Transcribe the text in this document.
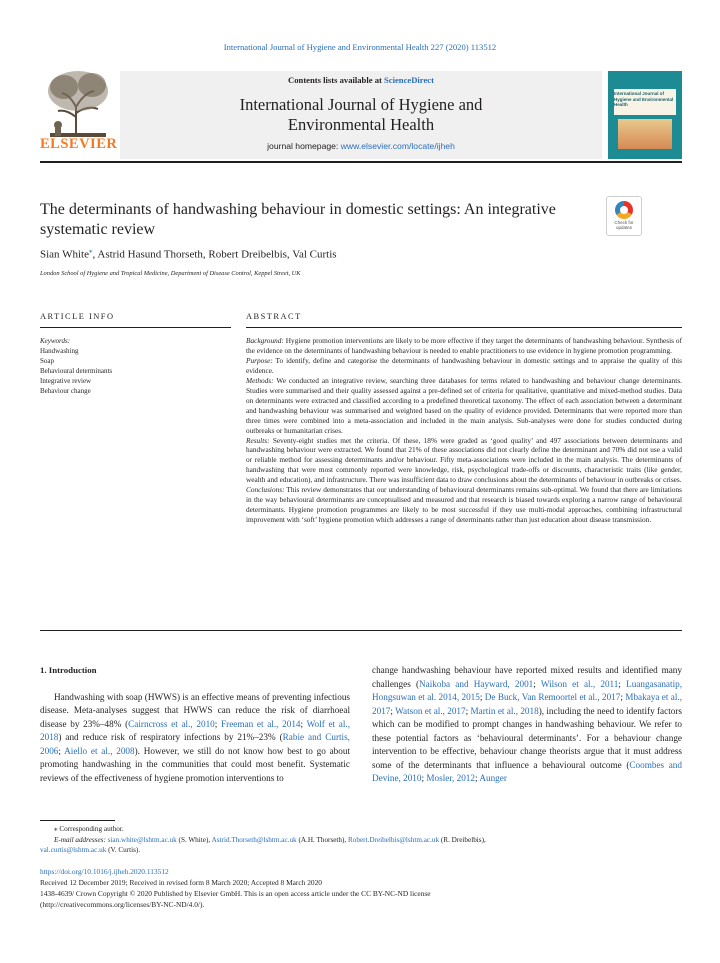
International Journal of Hygiene and Environmental Health 227 (2020) 113512
ELSEVIER
Contents lists available at ScienceDirect
International Journal of Hygiene and
Environmental Health
journal homepage: www.elsevier.com/locate/ijheh
International Journal of Hygiene and Environmental Health
The determinants of handwashing behaviour in domestic settings: An integrative systematic review	Check for updates
Sian White⁎, Astrid Hasund Thorseth, Robert Dreibelbis, Val Curtis
London School of Hygiene and Tropical Medicine, Department of Disease Control, Keppel Street, UK
ARTICLE INFO	ABSTRACT
Keywords:
Handwashing
Soap
Behavioural determinants
Integrative review
Behaviour change

Background: Hygiene promotion interventions are likely to be more effective if they target the determinants of handwashing behaviour. Synthesis of the evidence on the determinants of handwashing behaviour is needed to enable practitioners to use evidence in hygiene promotion programming.

Purpose: To identify, define and categorise the determinants of handwashing behaviour in domestic settings and to appraise the quality of this evidence.

Methods: We conducted an integrative review, searching three databases for terms related to handwashing and behaviour change determinants. Studies were summarised and their quality assessed against a pre-defined set of criteria for qualitative, quantitative and mixed-method studies. Data on determinants were extracted and classified according to a predefined theoretical taxonomy. The effect of each association between a determinant and handwashing behaviour was summarised and weighted based on the quality of evidence provided. Determinants that were reported more than three times were combined into a meta-association and included in the main analysis. Sub-analyses were done for studies conducted during outbreaks or humanitarian crises.

Results: Seventy-eight studies met the criteria. Of these, 18% were graded as ‘good quality’ and 497 associations between determinants and handwashing behaviour were extracted. We found that 21% of these associations did not clearly define the determinant and 70% did not use a valid or reliable method for assessing determinants and/or behaviour. Fifty meta-associations were included in the main analysis. The determinants of handwashing that were most commonly reported were knowledge, risk, psychological trade-offs or discounts, characteristic traits (like gender, wealth and education), and infrastructure. There was insufficient data to draw conclusions about the determinants of behaviour in outbreaks or crises.

Conclusions: This review demonstrates that our understanding of behavioural determinants remains sub-optimal. We found that there are limitations in the way behavioural determinants are conceptualised and measured and that research is biased towards exploring a narrow range of behavioural determinants. Hygiene promotion programmes are likely to be most successful if they use multi-modal approaches, combining infrastructural improvement with ‘soft’ hygiene promotion which addresses a range of determinants rather than just education about disease transmission.

1. Introduction

Handwashing with soap (HWWS) is an effective means of preventing infectious disease. Meta-analyses suggest that HWWS can reduce the risk of diarrhoeal disease by 23%–48% (Cairncross et al., 2010; Freeman et al., 2014; Wolf et al., 2018) and reduce risk of respiratory infections by 21%–23% (Rabie and Curtis, 2006; Aiello et al., 2008). However, we still do not know how best to go about promoting handwashing in the communities that could most benefit. Systematic reviews of the effectiveness of hygiene promotion interventions to

change handwashing behaviour have reported mixed results and identified many challenges (Naikoba and Hayward, 2001; Wilson et al., 2011; Luangasanatip, Hongsuwan et al. 2014, 2015; De Buck, Van Remoortel et al., 2017; Mbakaya et al., 2017; Watson et al., 2017; Martin et al., 2018), including the need to identify factors which can be modified to prompt changes in handwashing behaviour. We refer to these potential factors as ‘behavioural determinants’. For a behaviour change intervention to be effective, behaviour change theorists argue that it must address some of the determinants that influence a behavioural outcome (Coombes and Devine, 2010; Mosler, 2012; Aunger

⁎ Corresponding author.
E-mail addresses: sian.white@lshtm.ac.uk (S. White), Astrid.Thorseth@lshtm.ac.uk (A.H. Thorseth), Robert.Dreibelbis@lshtm.ac.uk (R. Dreibelbis),
val.curtis@lshtm.ac.uk (V. Curtis).
https://doi.org/10.1016/j.ijheh.2020.113512
Received 12 December 2019; Received in revised form 8 March 2020; Accepted 8 March 2020
1438-4639/ Crown Copyright © 2020 Published by Elsevier GmbH. This is an open access article under the CC BY-NC-ND license
(http://creativecommons.org/licenses/BY-NC-ND/4.0/).
